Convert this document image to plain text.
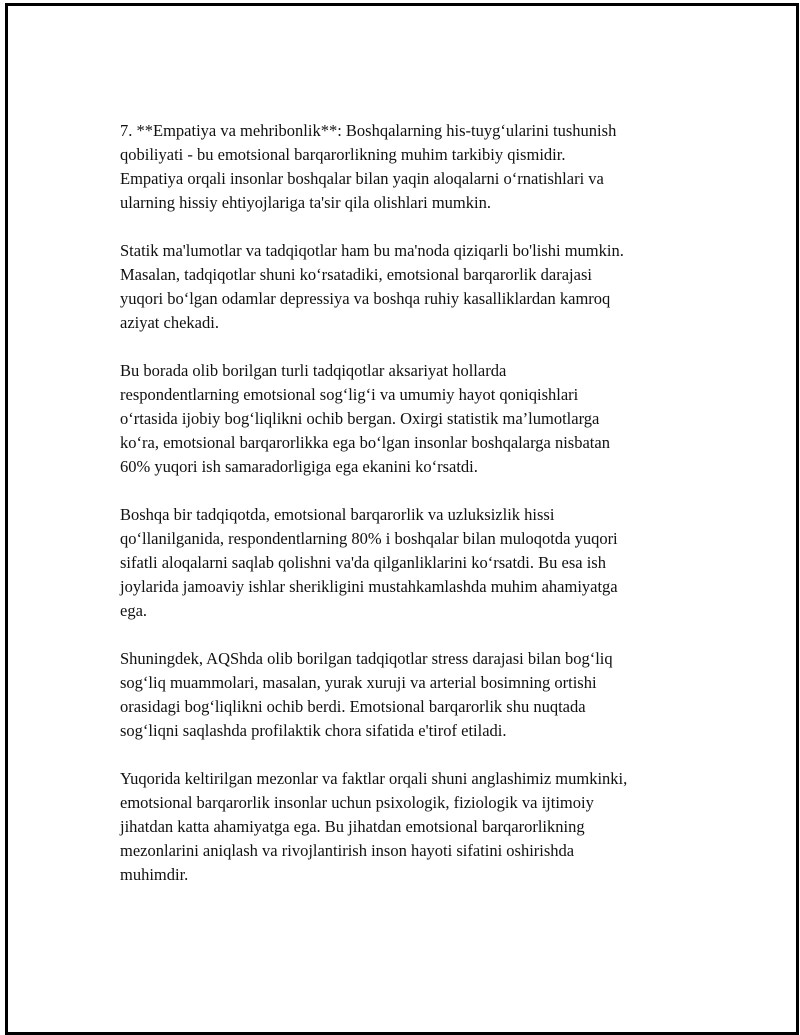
7. **Empatiya va mehribonlik**: Boshqalarning his-tuyg‘ularini tushunish
qobiliyati - bu emotsional barqarorlikning muhim tarkibiy qismidir.
Empatiya orqali insonlar boshqalar bilan yaqin aloqalarni o‘rnatishlari va
ularning hissiy ehtiyojlariga ta'sir qila olishlari mumkin.

Statik ma'lumotlar va tadqiqotlar ham bu ma'noda qiziqarli bo'lishi mumkin.
Masalan, tadqiqotlar shuni ko‘rsatadiki, emotsional barqarorlik darajasi
yuqori bo‘lgan odamlar depressiya va boshqa ruhiy kasalliklardan kamroq
aziyat chekadi.

Bu borada olib borilgan turli tadqiqotlar aksariyat hollarda
respondentlarning emotsional sog‘lig‘i va umumiy hayot qoniqishlari
o‘rtasida ijobiy bog‘liqlikni ochib bergan. Oxirgi statistik ma’lumotlarga
ko‘ra, emotsional barqarorlikka ega bo‘lgan insonlar boshqalarga nisbatan
60% yuqori ish samaradorligiga ega ekanini ko‘rsatdi.

Boshqa bir tadqiqotda, emotsional barqarorlik va uzluksizlik hissi
qo‘llanilganida, respondentlarning 80% i boshqalar bilan muloqotda yuqori
sifatli aloqalarni saqlab qolishni va'da qilganliklarini ko‘rsatdi. Bu esa ish
joylarida jamoaviy ishlar sherikligini mustahkamlashda muhim ahamiyatga
ega.

Shuningdek, AQShda olib borilgan tadqiqotlar stress darajasi bilan bog‘liq
sog‘liq muammolari, masalan, yurak xuruji va arterial bosimning ortishi
orasidagi bog‘liqlikni ochib berdi. Emotsional barqarorlik shu nuqtada
sog‘liqni saqlashda profilaktik chora sifatida e'tirof etiladi.

Yuqorida keltirilgan mezonlar va faktlar orqali shuni anglashimiz mumkinki,
emotsional barqarorlik insonlar uchun psixologik, fiziologik va ijtimoiy
jihatdan katta ahamiyatga ega. Bu jihatdan emotsional barqarorlikning
mezonlarini aniqlash va rivojlantirish inson hayoti sifatini oshirishda
muhimdir.
